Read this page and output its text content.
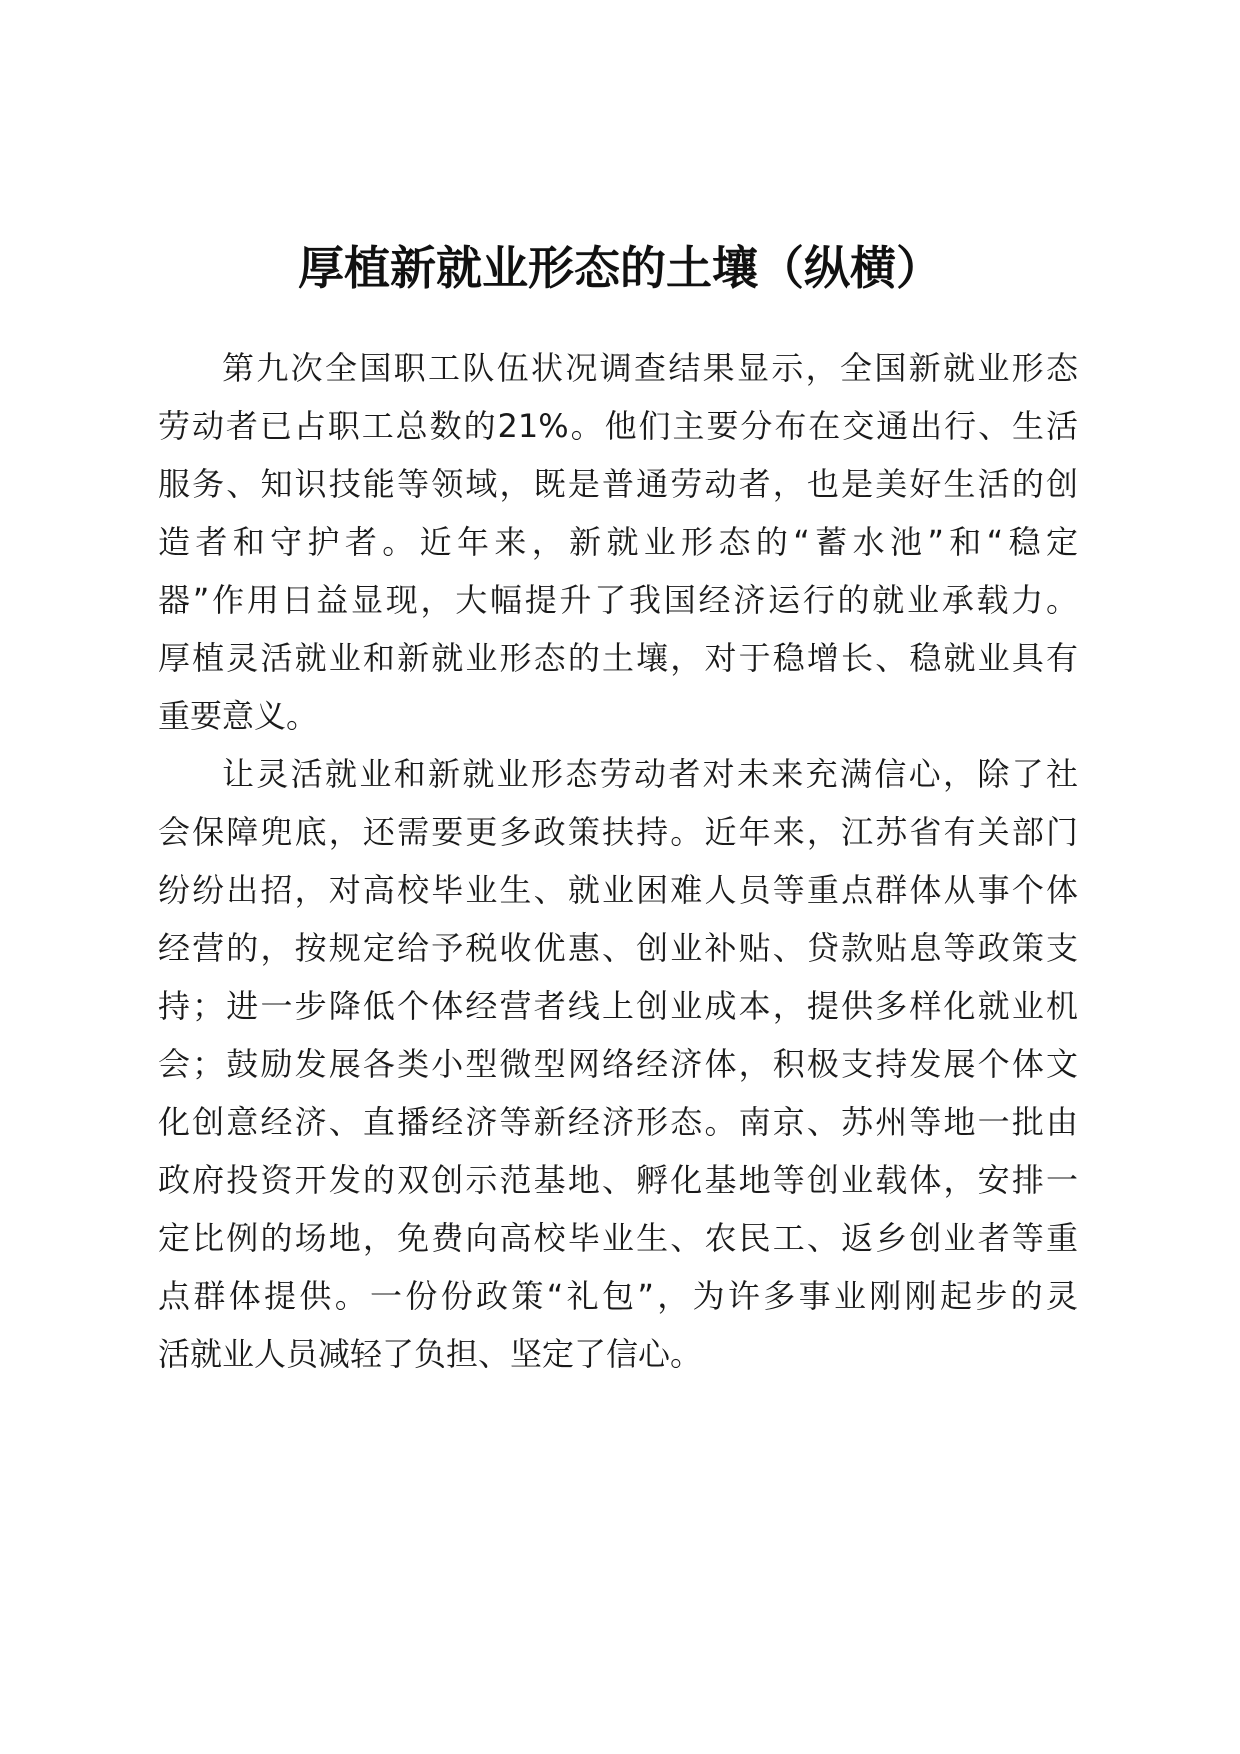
厚植新就业形态的土壤（纵横）
第九次全国职工队伍状况调查结果显示，全国新就业形态
劳动者已占职工总数的21%。他们主要分布在交通出行、生活
服务、知识技能等领域，既是普通劳动者，也是美好生活的创
造者和守护者。近年来，新就业形态的“蓄水池”和“稳定
器”作用日益显现，大幅提升了我国经济运行的就业承载力。
厚植灵活就业和新就业形态的土壤，对于稳增长、稳就业具有
重要意义。
让灵活就业和新就业形态劳动者对未来充满信心，除了社
会保障兜底，还需要更多政策扶持。近年来，江苏省有关部门
纷纷出招，对高校毕业生、就业困难人员等重点群体从事个体
经营的，按规定给予税收优惠、创业补贴、贷款贴息等政策支
持；进一步降低个体经营者线上创业成本，提供多样化就业机
会；鼓励发展各类小型微型网络经济体，积极支持发展个体文
化创意经济、直播经济等新经济形态。南京、苏州等地一批由
政府投资开发的双创示范基地、孵化基地等创业载体，安排一
定比例的场地，免费向高校毕业生、农民工、返乡创业者等重
点群体提供。一份份政策“礼包”，为许多事业刚刚起步的灵
活就业人员减轻了负担、坚定了信心。
